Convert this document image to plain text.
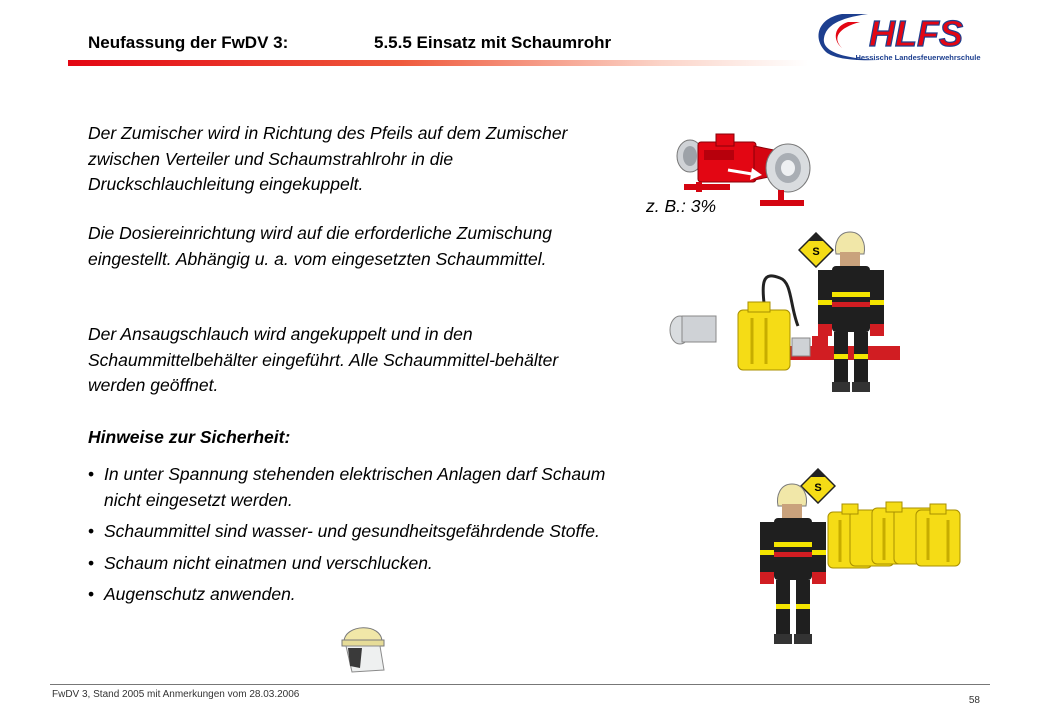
Neufassung der FwDV 3:	5.5.5 Einsatz mit Schaumrohr	HLFS
Hessische Landesfeuerwehrschule

Der Zumischer wird in Richtung des Pfeils auf dem Zumischer zwischen Verteiler und Schaumstrahlrohr in die Druckschlauchleitung eingekuppelt.

Die Dosiereinrichtung wird auf die erforderliche Zumischung eingestellt. Abhängig u. a. vom eingesetzten Schaummittel.

Der Ansaugschlauch wird angekuppelt und in den Schaummittelbehälter eingeführt. Alle Schaummittel-behälter werden geöffnet.

Hinweise zur Sicherheit:

• In unter Spannung stehenden elektrischen Anlagen darf Schaum nicht eingesetzt werden.
• Schaummittel sind wasser- und gesundheitsgefährdende Stoffe.
• Schaum nicht einatmen und verschlucken.
• Augenschutz anwenden.
z. B.: 3%
S
S
FwDV 3, Stand 2005 mit Anmerkungen vom 28.03.2006
58
